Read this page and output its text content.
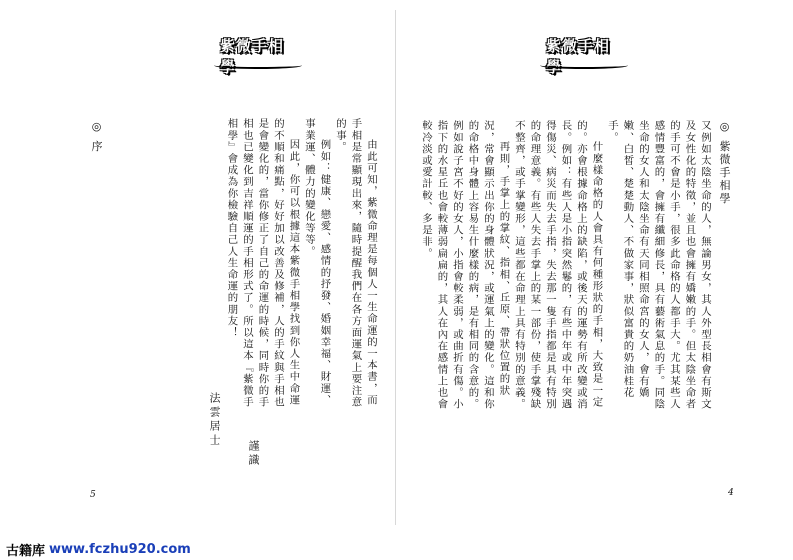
紫微手相學
◎ 序	由此可知，紫微命理是每個人一生命運的一本書，而手相是常顯現出來，隨時提醒我們在各方面運氣上要注意的事。

例如：健康、戀愛、感情的抒發、婚姻幸福、財運、事業運、體力的變化等等。

因此，你可以根據這本紫微手相學找到你人生中命運的不順和痛點，好好加以改善及修補，人的手紋與手相也是會變化的，當你修正了自己的命運的時候，同時你的手相也已變化到吉祥順運的手相形式了。所以這本『紫微手相學』會成為你檢驗自己人生命運的朋友！

法雲居士
謹識
5
紫微手相學
◎ 紫微手相學

又例如太陰坐命的人，無論男女，其人外型長相會有斯文及女性化的特徵，並且也會擁有嬌嫩的手。但太陰坐命者的手可不會是小手，很多此命格的人都手大。尤其某些人感情豐富的，會擁有纖細修長，具有藝術氣息的手。同陰坐命的女人和太陰坐命有天同相照命宮的女人，會有嬌嫩、白皙、楚楚動人、不做家事，狀似富貴的奶油桂花手。

什麼樣命格的人會具有何種形狀的手相，大致是一定的。亦會根據命格上的缺陷，或後天的運勢有所改變或消長。例如：有些人是小指突然鬈的，有些中年或中年突遇得傷災、病災而失去手指，失去那一隻手指都是具有特別的命理意義。有些人失去手掌上的某一部份，使手掌殘缺不整齊，或手掌變形，這些都在命理上具有特別的意義。

再則，手掌上的掌紋、指相、丘原、帶狀位置的狀況，常會顯示出你的身體狀況，或運氣上的變化。這和你的命格中身體上容易生什麼樣的病，是有相同的含意的。例如說子宮不好的女人，小指會較柔弱，或曲折有傷。小指下的水星丘也會較薄弱扁扁的，其人在內在感情上也會較冷淡或愛計較、多是非。

4
古籍库 www.fczhu920.com
